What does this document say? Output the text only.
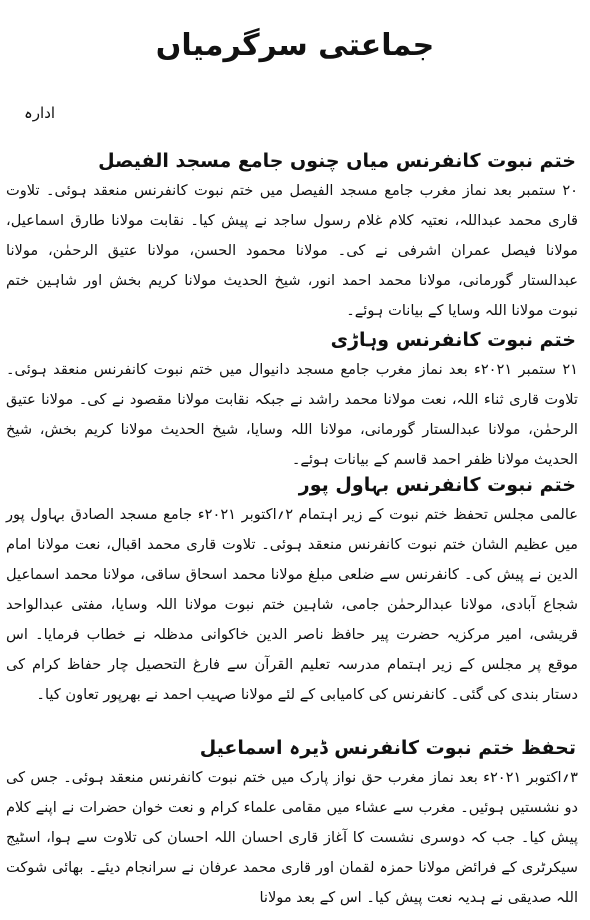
جماعتی سرگرمیاں
ادارہ
ختم نبوت کانفرنس میاں چنوں جامع مسجد الفیصل

۲۰ ستمبر بعد نماز مغرب جامع مسجد الفیصل میں ختم نبوت کانفرنس منعقد ہوئی۔ تلاوت قاری محمد عبداللہ، نعتیہ کلام غلام رسول ساجد نے پیش کیا۔ نقابت مولانا طارق اسماعیل، مولانا فیصل عمران اشرفی نے کی۔ مولانا محمود الحسن، مولانا عتیق الرحمٰن، مولانا عبدالستار گورمانی، مولانا محمد احمد انور، شیخ الحدیث مولانا کریم بخش اور شاہین ختم نبوت مولانا اللہ وسایا کے بیانات ہوئے۔

ختم نبوت کانفرنس وہاڑی

۲۱ ستمبر ۲۰۲۱ء بعد نماز مغرب جامع مسجد دانیوال میں ختم نبوت کانفرنس منعقد ہوئی۔ تلاوت قاری ثناء اللہ، نعت مولانا محمد راشد نے جبکہ نقابت مولانا مقصود نے کی۔ مولانا عتیق الرحمٰن، مولانا عبدالستار گورمانی، مولانا اللہ وسایا، شیخ الحدیث مولانا کریم بخش، شیخ الحدیث مولانا ظفر احمد قاسم کے بیانات ہوئے۔

ختم نبوت کانفرنس بہاول پور

عالمی مجلس تحفظ ختم نبوت کے زیر اہتمام ۲؍اکتوبر ۲۰۲۱ء جامع مسجد الصادق بہاول پور میں عظیم الشان ختم نبوت کانفرنس منعقد ہوئی۔ تلاوت قاری محمد اقبال، نعت مولانا امام الدین نے پیش کی۔ کانفرنس سے ضلعی مبلغ مولانا محمد اسحاق ساقی، مولانا محمد اسماعیل شجاع آبادی، مولانا عبدالرحمٰن جامی، شاہین ختم نبوت مولانا اللہ وسایا، مفتی عبدالواحد قریشی، امیر مرکزیہ حضرت پیر حافظ ناصر الدین خاکوانی مدظلہ نے خطاب فرمایا۔ اس موقع پر مجلس کے زیر اہتمام مدرسہ تعلیم القرآن سے فارغ التحصیل چار حفاظ کرام کی دستار بندی کی گئی۔ کانفرنس کی کامیابی کے لئے مولانا صہیب احمد نے بھرپور تعاون کیا۔

تحفظ ختم نبوت کانفرنس ڈیرہ اسماعیل

۳؍اکتوبر ۲۰۲۱ء بعد نماز مغرب حق نواز پارک میں ختم نبوت کانفرنس منعقد ہوئی۔ جس کی دو نشستیں ہوئیں۔ مغرب سے عشاء میں مقامی علماء کرام و نعت خوان حضرات نے اپنے کلام پیش کیا۔ جب کہ دوسری نشست کا آغاز قاری احسان اللہ احسان کی تلاوت سے ہوا، اسٹیج سیکرٹری کے فرائض مولانا حمزہ لقمان اور قاری محمد عرفان نے سرانجام دیئے۔ بھائی شوکت اللہ صدیقی نے ہدیہ نعت پیش کیا۔ اس کے بعد مولانا
